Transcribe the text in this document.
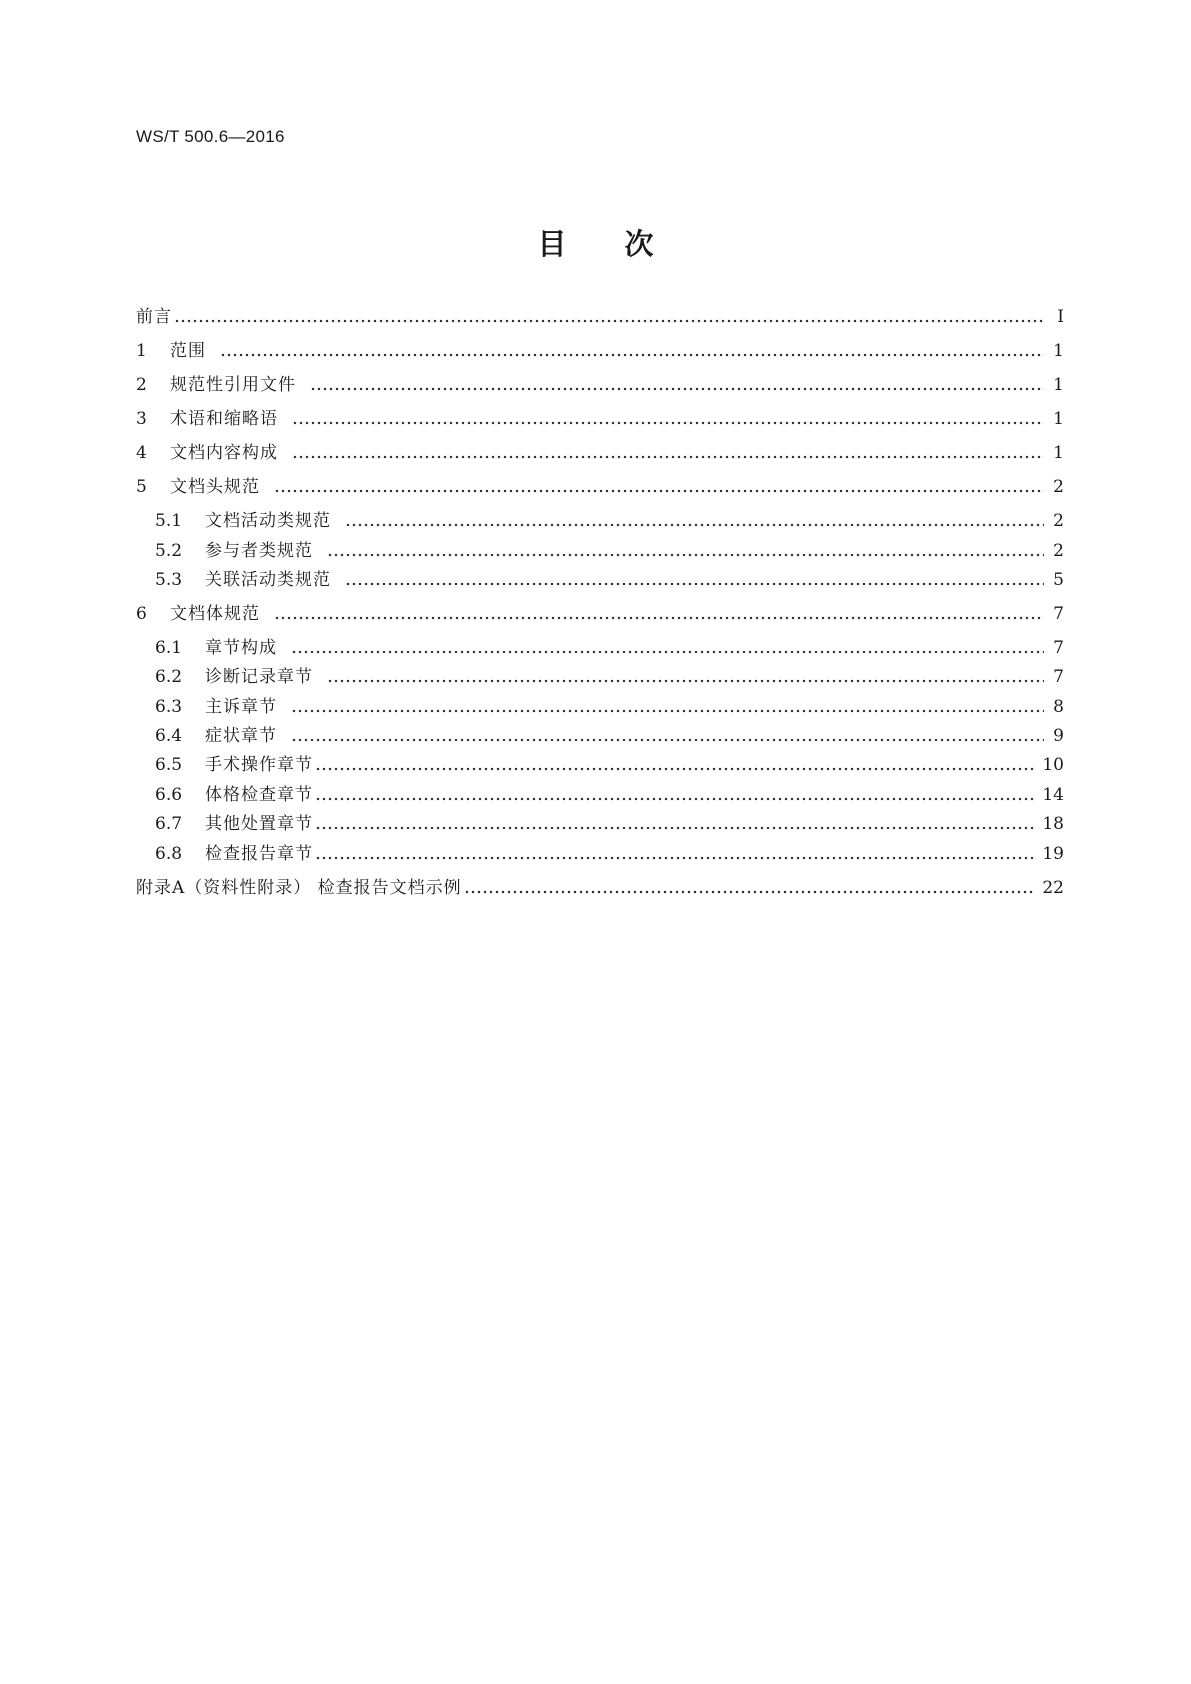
WS/T 500.6—2016
目次
前言	Ⅰ
1	范围	1
2	规范性引用文件	1
3	术语和缩略语	1
4	文档内容构成	1
5	文档头规范	2
5.1	文档活动类规范	2
5.2	参与者类规范	2
5.3	关联活动类规范	5
6	文档体规范	7
6.1	章节构成	7
6.2	诊断记录章节	7
6.3	主诉章节	8
6.4	症状章节	9
6.5	手术操作章节	10
6.6	体格检查章节	14
6.7	其他处置章节	18
6.8	检查报告章节	19
附录A（资料性附录） 检查报告文档示例	22
